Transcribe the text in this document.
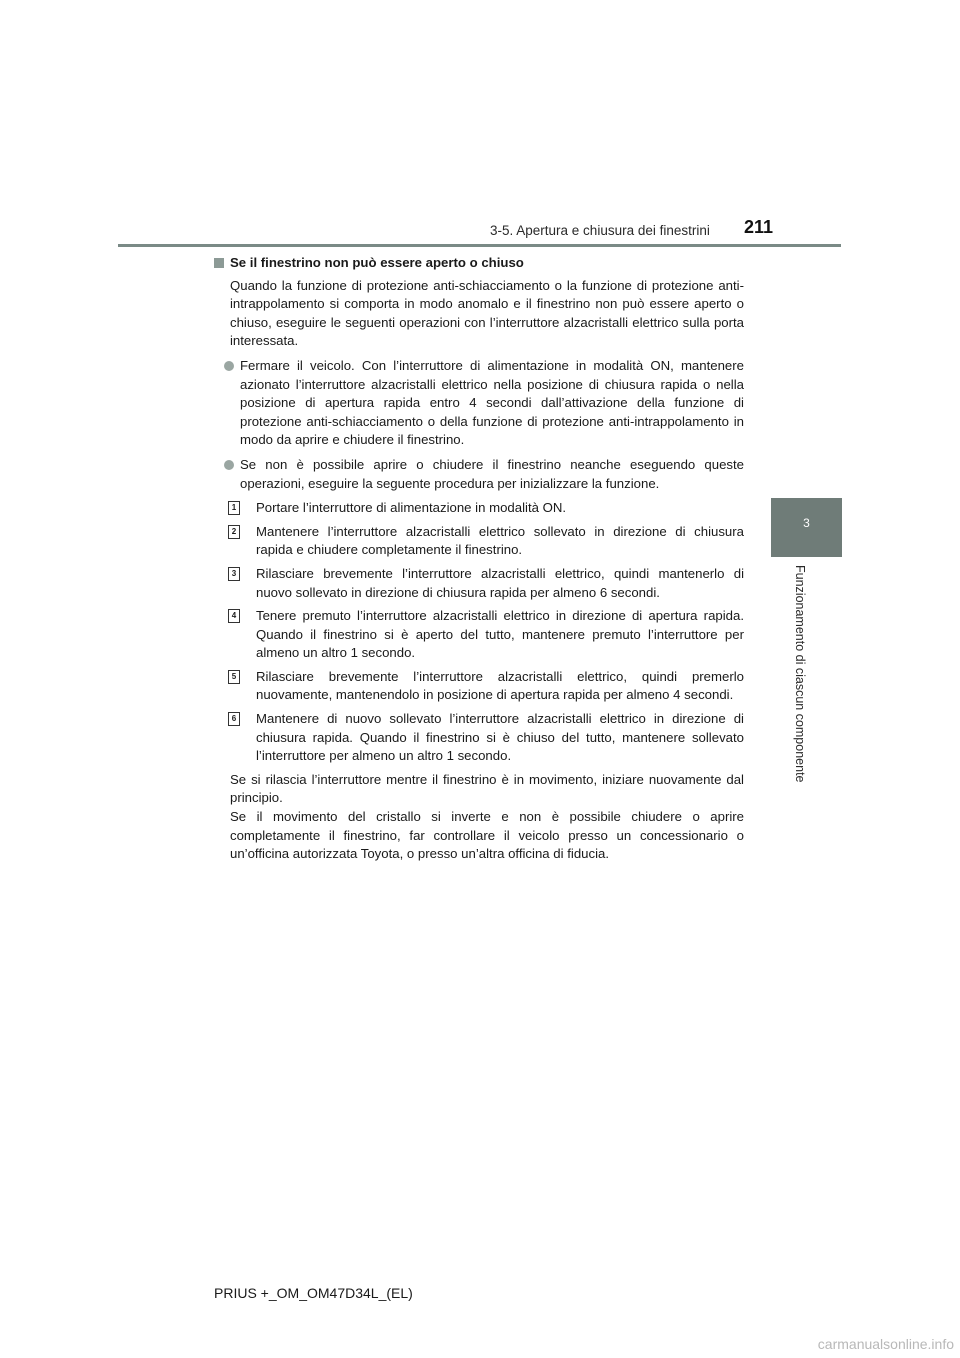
3-5. Apertura e chiusura dei finestrini 211
3
Funzionamento di ciascun componente
Se il finestrino non può essere aperto o chiuso

Quando la funzione di protezione anti-schiacciamento o la funzione di protezione anti-intrappolamento si comporta in modo anomalo e il finestrino non può essere aperto o chiuso, eseguire le seguenti operazioni con l’interruttore alzacristalli elettrico sulla porta interessata.

Fermare il veicolo. Con l’interruttore di alimentazione in modalità ON, mantenere azionato l’interruttore alzacristalli elettrico nella posizione di chiusura rapida o nella posizione di apertura rapida entro 4 secondi dall’attivazione della funzione di protezione anti-schiacciamento o della funzione di protezione anti-intrappolamento in modo da aprire e chiudere il finestrino.
Se non è possibile aprire o chiudere il finestrino neanche eseguendo queste operazioni, eseguire la seguente procedura per inizializzare la funzione.
1 Portare l’interruttore di alimentazione in modalità ON.
2 Mantenere l’interruttore alzacristalli elettrico sollevato in direzione di chiusura rapida e chiudere completamente il finestrino.
3 Rilasciare brevemente l’interruttore alzacristalli elettrico, quindi mantenerlo di nuovo sollevato in direzione di chiusura rapida per almeno 6 secondi.
4 Tenere premuto l’interruttore alzacristalli elettrico in direzione di apertura rapida. Quando il finestrino si è aperto del tutto, mantenere premuto l’interruttore per almeno un altro 1 secondo.
5 Rilasciare brevemente l’interruttore alzacristalli elettrico, quindi premerlo nuovamente, mantenendolo in posizione di apertura rapida per almeno 4 secondi.
6 Mantenere di nuovo sollevato l’interruttore alzacristalli elettrico in direzione di chiusura rapida. Quando il finestrino si è chiuso del tutto, mantenere sollevato l’interruttore per almeno un altro 1 secondo.

Se si rilascia l’interruttore mentre il finestrino è in movimento, iniziare nuovamente dal principio.
Se il movimento del cristallo si inverte e non è possibile chiudere o aprire completamente il finestrino, far controllare il veicolo presso un concessionario o un’officina autorizzata Toyota, o presso un’altra officina di fiducia.

PRIUS +_OM_OM47D34L_(EL)
carmanualsonline.info
